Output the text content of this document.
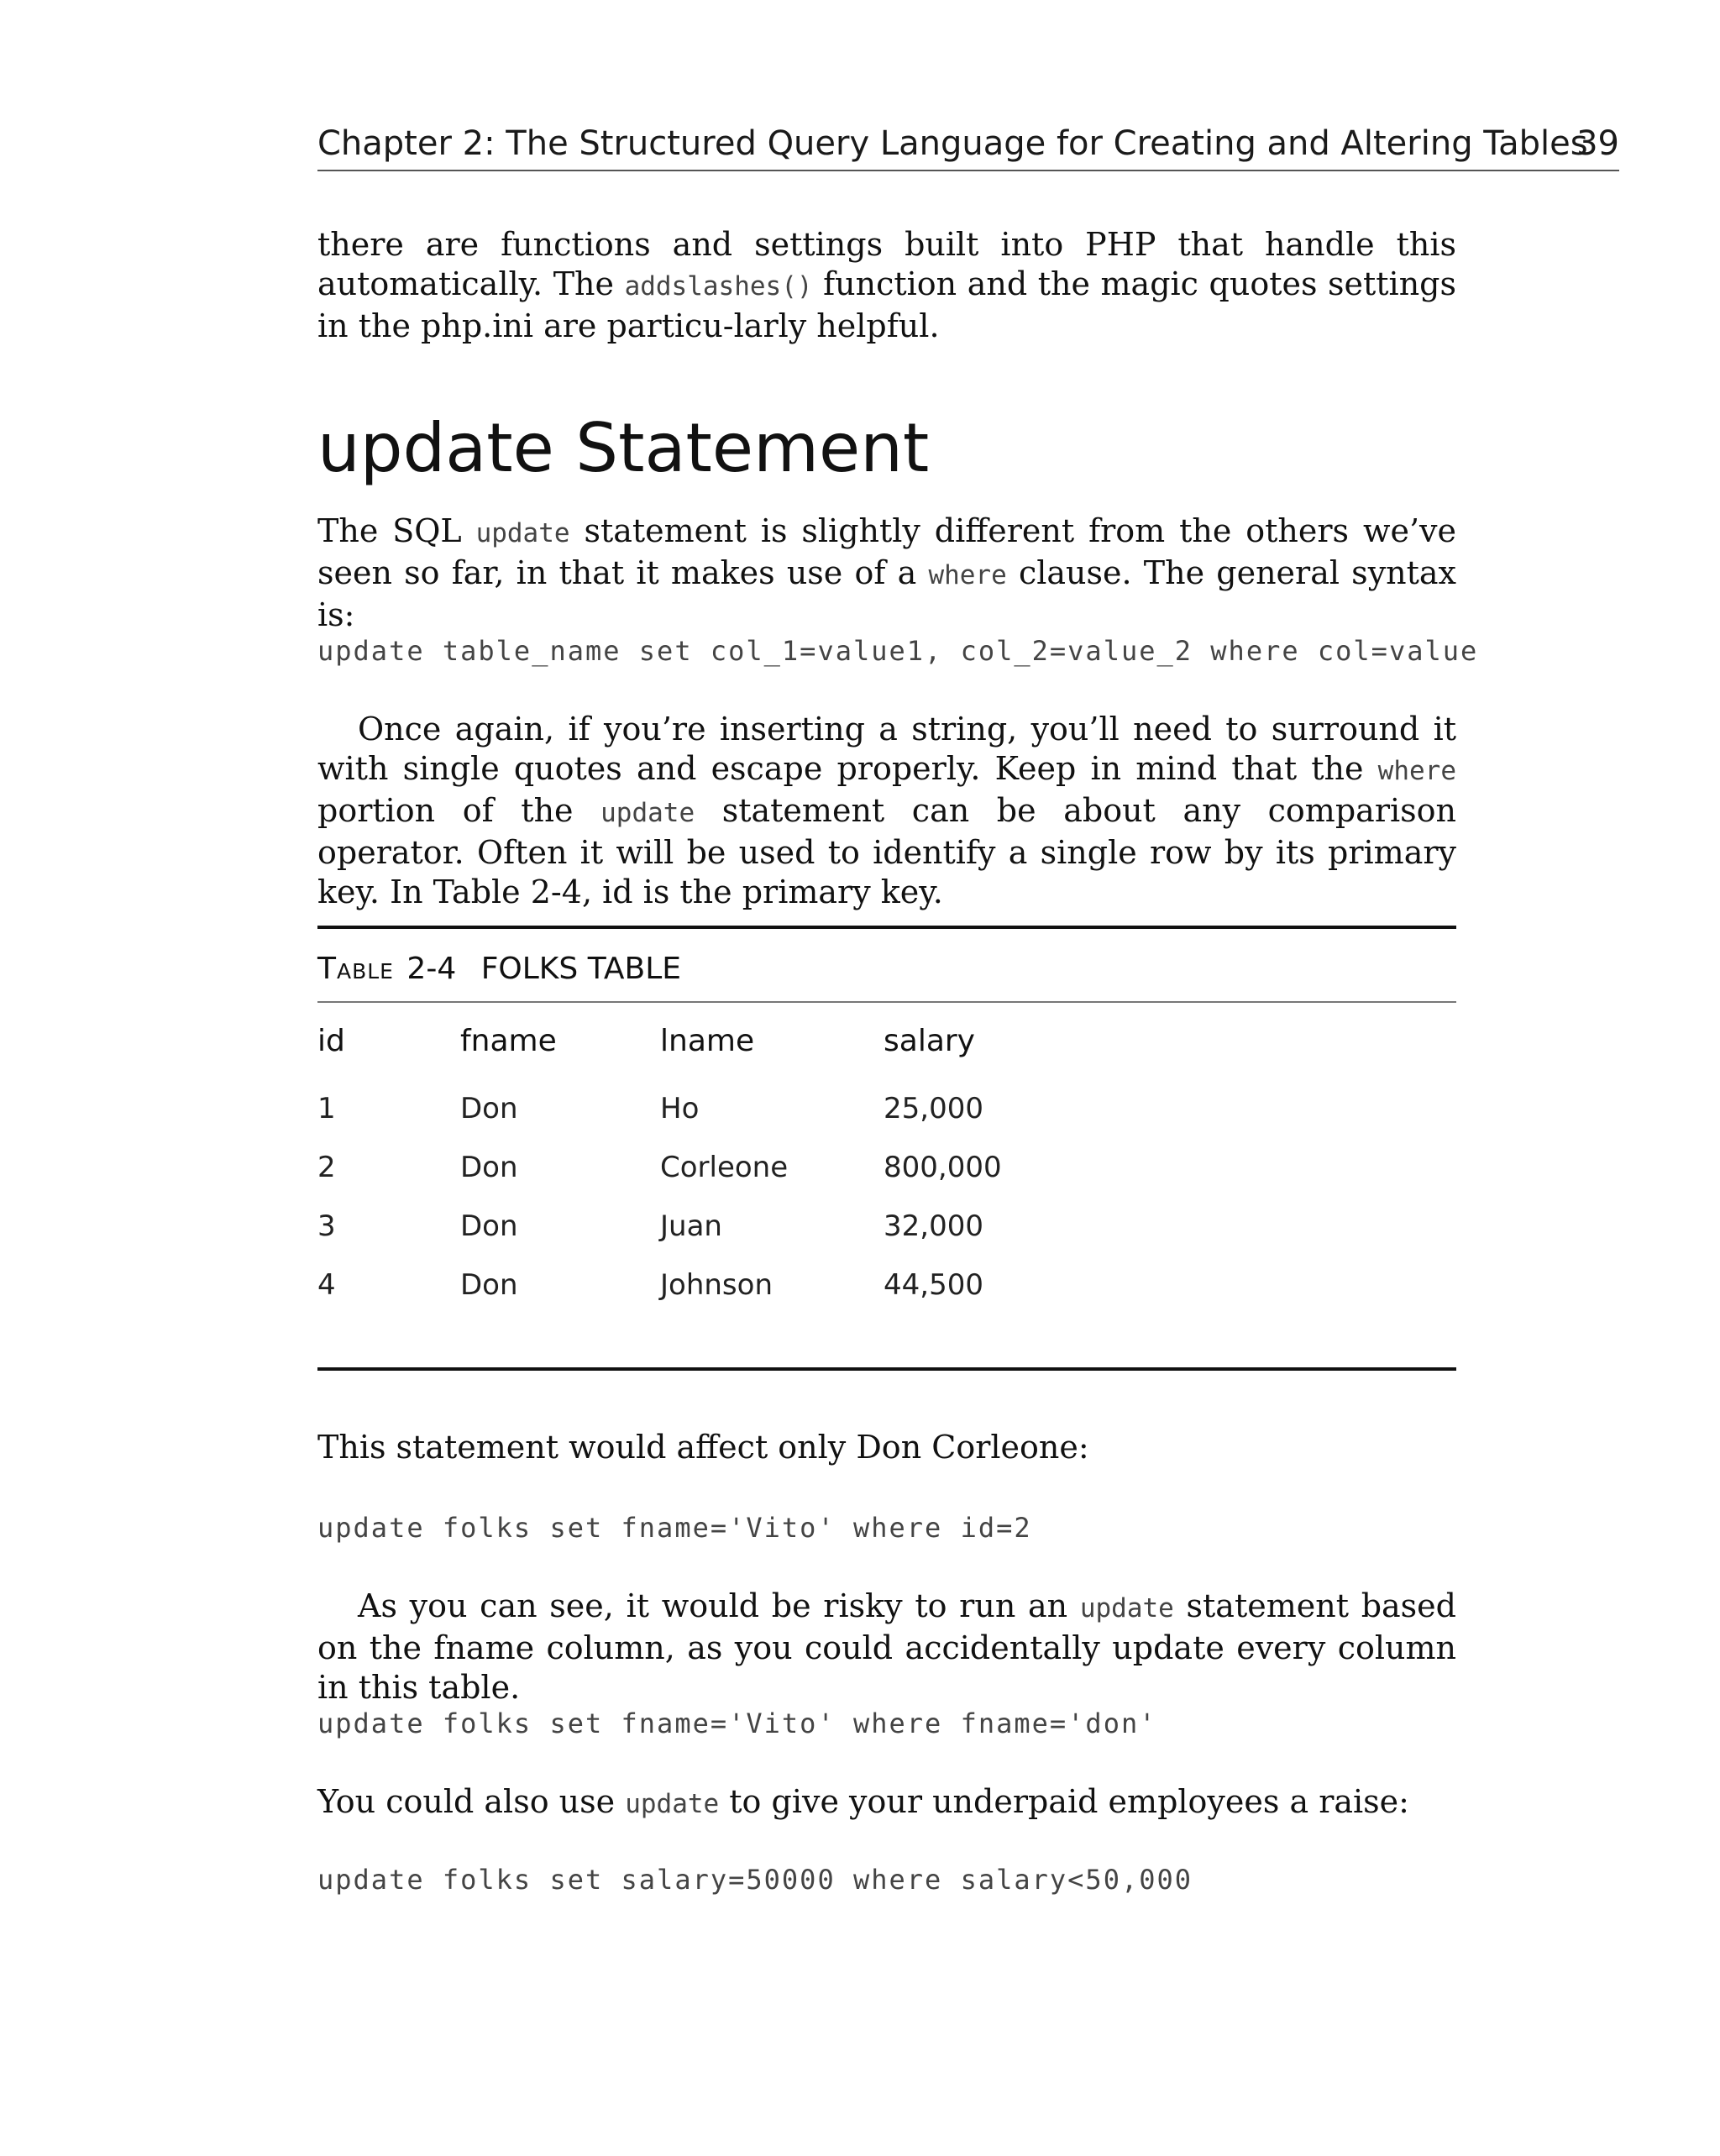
Chapter 2: The Structured Query Language for Creating and Altering Tables
39

there are functions and settings built into PHP that handle this automatically. The addslashes() function and the magic quotes settings in the php.ini are particu-larly helpful.

update Statement

The SQL update statement is slightly different from the others we’ve seen so far, in that it makes use of a where clause. The general syntax is:

update table_name set col_1=value1, col_2=value_2 where col=value

Once again, if you’re inserting a string, you’ll need to surround it with single quotes and escape properly. Keep in mind that the where portion of the update statement can be about any comparison operator. Often it will be used to identify a single row by its primary key. In Table 2-4, id is the primary key.

Table 2-4 FOLKS TABLE
id	fname	lname	salary
1	Don	Ho	25,000
2	Don	Corleone	800,000
3	Don	Juan	32,000
4	Don	Johnson	44,500

This statement would affect only Don Corleone:

update folks set fname='Vito' where id=2

As you can see, it would be risky to run an update statement based on the fname column, as you could accidentally update every column in this table.

update folks set fname='Vito' where fname='don'

You could also use update to give your underpaid employees a raise:

update folks set salary=50000 where salary<50,000
